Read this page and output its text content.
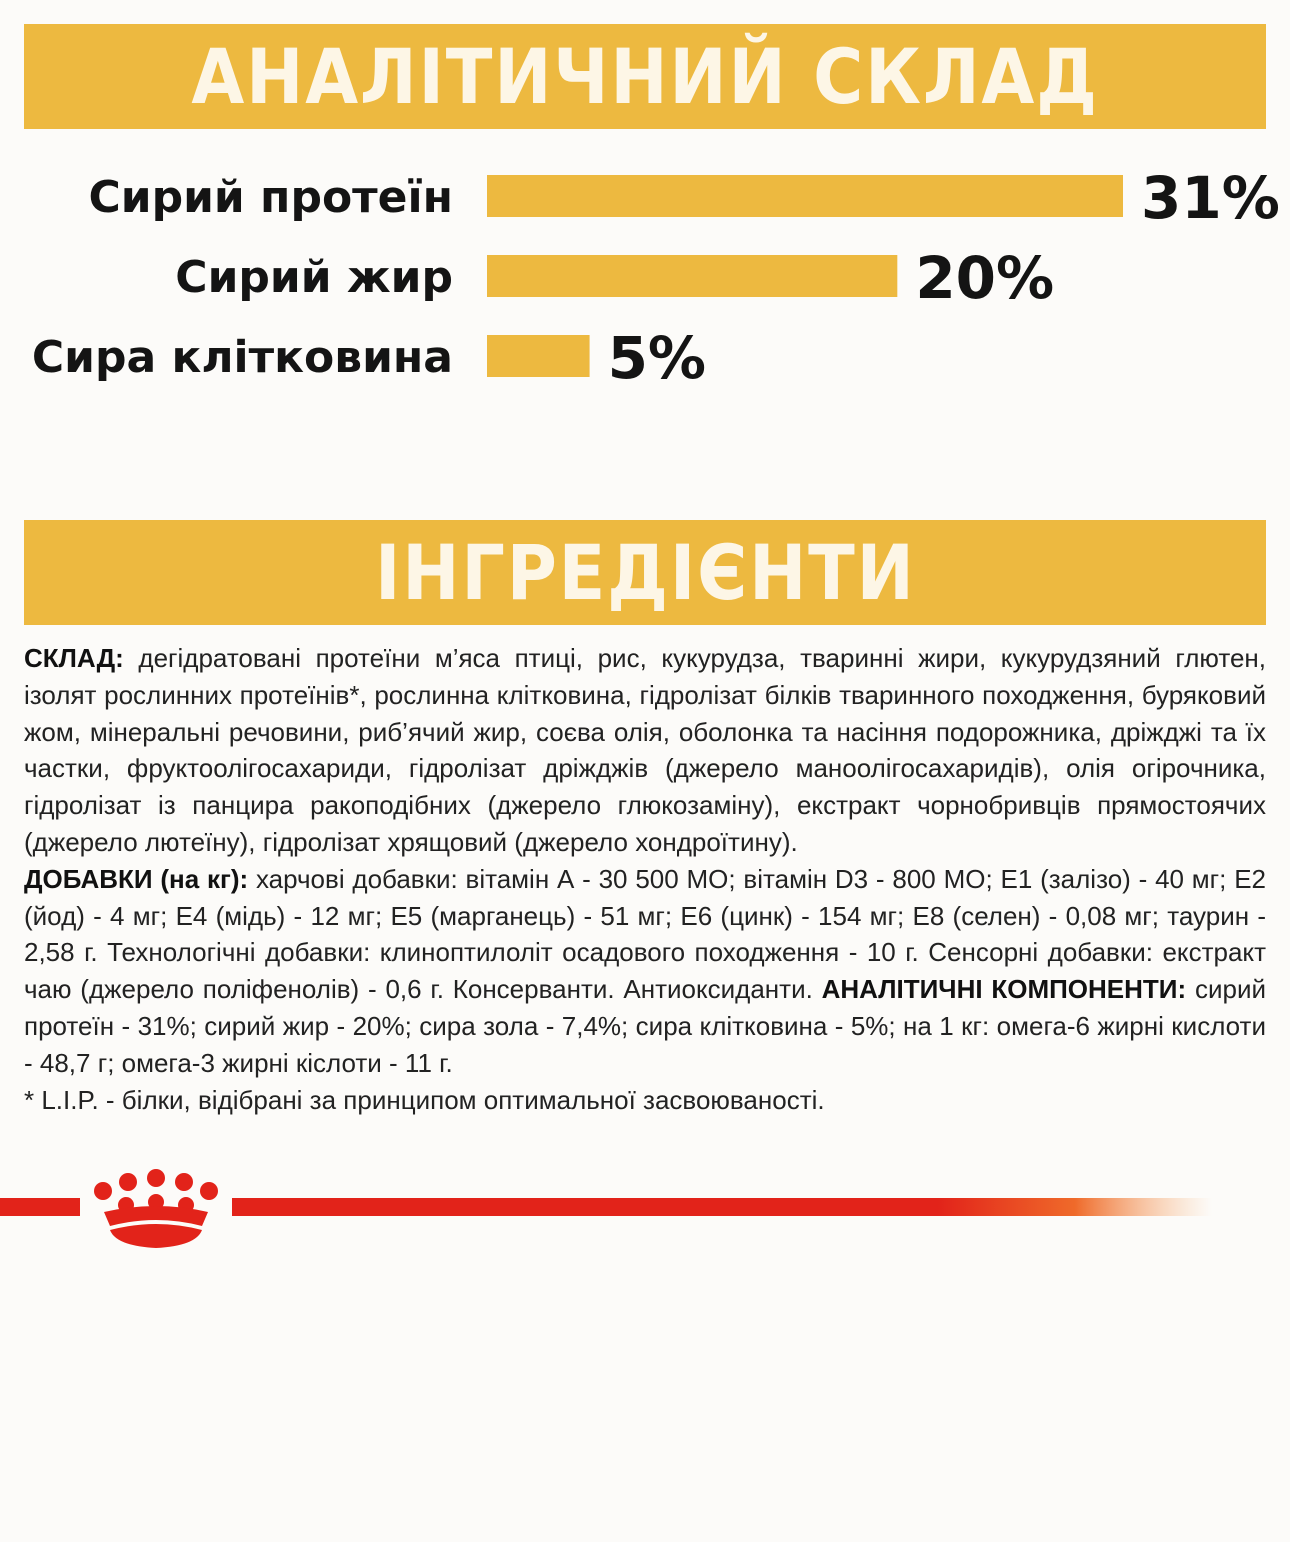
АНАЛІТИЧНИЙ СКЛАД
Сирий протеїн	31%
Сирий жир	20%
Сира клітковина	5%
ІНГРЕДІЄНТИ

СКЛАД: дегідратовані протеїни м’яса птиці, рис, кукурудза, тваринні жири, кукурудзяний глютен, ізолят рослинних протеїнів*, рослинна клітковина, гідролізат білків тваринного походження, буряковий жом, мінеральні речовини, риб’ячий жир, соєва олія, оболонка та насіння подорожника, дріжджі та їх частки, фруктоолігосахариди, гідролізат дріжджів (джерело маноолігосахаридів), олія огірочника, гідролізат із панцира ракоподібних (джерело глюкозаміну), екстракт чорнобривців прямостоячих (джерело лютеїну), гідролізат хрящовий (джерело хондроїтину).
ДОБАВКИ (на кг): харчові добавки: вітамін А - 30 500 МО; вітамін D3 - 800 МО; Е1 (залізо) - 40 мг; Е2 (йод) - 4 мг; Е4 (мідь) - 12 мг; Е5 (марганець) - 51 мг; Е6 (цинк) - 154 мг; Е8 (селен) - 0,08 мг; таурин - 2,58 г. Технологічні добавки: клиноптилоліт осадового походження - 10 г. Сенсорні добавки: екстракт чаю (джерело поліфенолів) - 0,6 г. Консерванти. Антиоксиданти. АНАЛІТИЧНІ КОМПОНЕНТИ: сирий протеїн - 31%; сирий жир - 20%; сира зола - 7,4%; сира клітковина - 5%; на 1 кг: омега-6 жирні кислоти - 48,7 г; омега-3 жирні кіслоти - 11 г.

* L.I.P. - білки, відібрані за принципом оптимальної засвоюваності.
